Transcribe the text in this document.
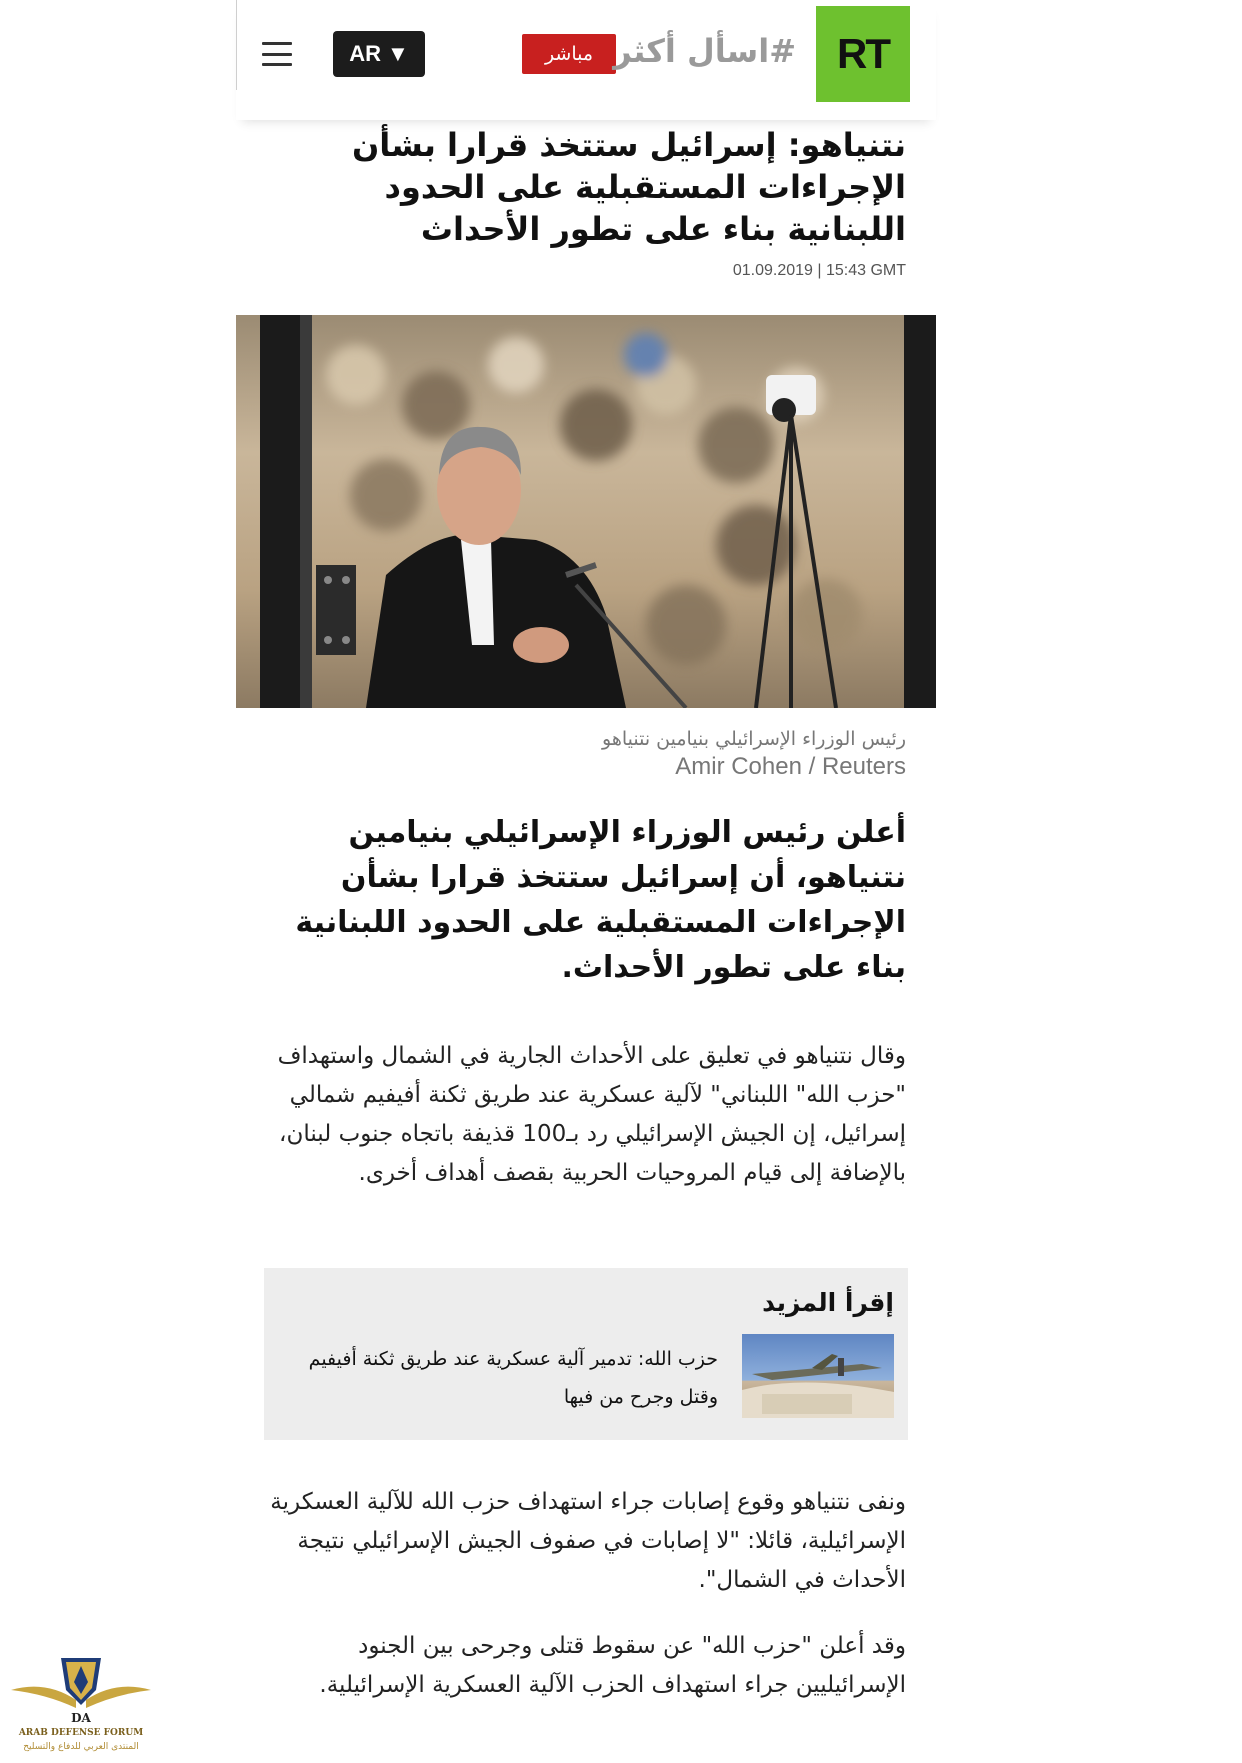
AR ▼	مباشر #اسأل أكثر RT
نتنياهو: إسرائيل ستتخذ قرارا بشأن الإجراءات المستقبلية على الحدود اللبنانية بناء على تطور الأحداث
01.09.2019 | 15:43 GMT
رئيس الوزراء الإسرائيلي بنيامين نتنياهو
Amir Cohen / Reuters

أعلن رئيس الوزراء الإسرائيلي بنيامين نتنياهو، أن إسرائيل ستتخذ قرارا بشأن الإجراءات المستقبلية على الحدود اللبنانية بناء على تطور الأحداث.

وقال نتنياهو في تعليق على الأحداث الجارية في الشمال واستهداف "حزب الله" اللبناني" لآلية عسكرية عند طريق ثكنة أفيفيم شمالي إسرائيل، إن الجيش الإسرائيلي رد بـ100 قذيفة باتجاه جنوب لبنان، بالإضافة إلى قيام المروحيات الحربية بقصف أهداف أخرى.

إقرأ المزيد
حزب الله: تدمير آلية عسكرية عند طريق ثكنة أفيفيم وقتل وجرح من فيها

ونفى نتنياهو وقوع إصابات جراء استهداف حزب الله للآلية العسكرية الإسرائيلية، قائلا: "لا إصابات في صفوف الجيش الإسرائيلي نتيجة الأحداث في الشمال".

وقد أعلن "حزب الله" عن سقوط قتلى وجرحى بين الجنود الإسرائيليين جراء استهداف الحزب الآلية العسكرية الإسرائيلية.

DA
ARAB DEFENSE FORUM
المنتدى العربي للدفاع والتسليح
